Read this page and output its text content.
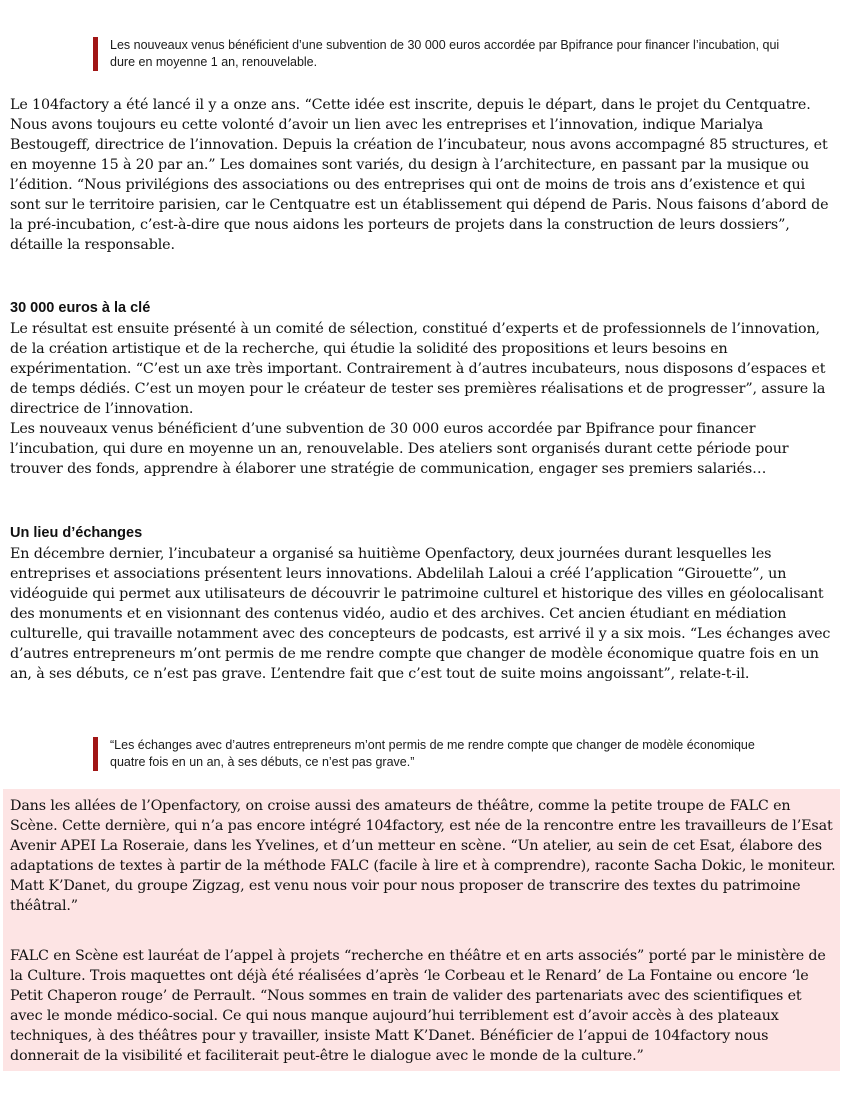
Les nouveaux venus bénéficient d’une subvention de 30 000 euros accordée par Bpifrance pour financer l’incubation, qui dure en moyenne 1 an, renouvelable.

Le 104factory a été lancé il y a onze ans. “Cette idée est inscrite, depuis le départ, dans le projet du Centquatre. Nous avons toujours eu cette volonté d’avoir un lien avec les entreprises et l’innovation, indique Marialya Bestougeff, directrice de l’innovation. Depuis la création de l’incubateur, nous avons accompagné 85 structures, et en moyenne 15 à 20 par an.” Les domaines sont variés, du design à l’architecture, en passant par la musique ou l’édition. “Nous privilégions des associations ou des entreprises qui ont de moins de trois ans d’existence et qui sont sur le territoire parisien, car le Centquatre est un établissement qui dépend de Paris. Nous faisons d’abord de la pré-incubation, c’est-à-dire que nous aidons les porteurs de projets dans la construction de leurs dossiers”, détaille la responsable.

30 000 euros à la clé

Le résultat est ensuite présenté à un comité de sélection, constitué d’experts et de professionnels de l’innovation, de la création artistique et de la recherche, qui étudie la solidité des propositions et leurs besoins en expérimentation. “C’est un axe très important. Contrairement à d’autres incubateurs, nous disposons d’espaces et de temps dédiés. C’est un moyen pour le créateur de tester ses premières réalisations et de progresser”, assure la directrice de l’innovation.

Les nouveaux venus bénéficient d’une subvention de 30 000 euros accordée par Bpifrance pour financer l’incubation, qui dure en moyenne un an, renouvelable. Des ateliers sont organisés durant cette période pour trouver des fonds, apprendre à élaborer une stratégie de communication, engager ses premiers salariés…

Un lieu d’échanges

En décembre dernier, l’incubateur a organisé sa huitième Openfactory, deux journées durant lesquelles les entreprises et associations présentent leurs innovations. Abdelilah Laloui a créé l’application “Girouette”, un vidéoguide qui permet aux utilisateurs de découvrir le patrimoine culturel et historique des villes en géolocalisant des monuments et en visionnant des contenus vidéo, audio et des archives. Cet ancien étudiant en médiation culturelle, qui travaille notamment avec des concepteurs de podcasts, est arrivé il y a six mois. “Les échanges avec d’autres entrepreneurs m’ont permis de me rendre compte que changer de modèle économique quatre fois en un an, à ses débuts, ce n’est pas grave. L’entendre fait que c’est tout de suite moins angoissant”, relate-t-il.

“Les échanges avec d’autres entrepreneurs m’ont permis de me rendre compte que changer de modèle économique quatre fois en un an, à ses débuts, ce n’est pas grave.”

Dans les allées de l’Openfactory, on croise aussi des amateurs de théâtre, comme la petite troupe de FALC en Scène. Cette dernière, qui n’a pas encore intégré 104factory, est née de la rencontre entre les travailleurs de l’Esat Avenir APEI La Roseraie, dans les Yvelines, et d’un metteur en scène. “Un atelier, au sein de cet Esat, élabore des adaptations de textes à partir de la méthode FALC (facile à lire et à comprendre), raconte Sacha Dokic, le moniteur. Matt K’Danet, du groupe Zigzag, est venu nous voir pour nous proposer de transcrire des textes du patrimoine théâtral.”

FALC en Scène est lauréat de l’appel à projets “recherche en théâtre et en arts associés” porté par le ministère de la Culture. Trois maquettes ont déjà été réalisées d’après ‘le Corbeau et le Renard’ de La Fontaine ou encore ‘le Petit Chaperon rouge’ de Perrault. “Nous sommes en train de valider des partenariats avec des scientifiques et avec le monde médico-social. Ce qui nous manque aujourd’hui terriblement est d’avoir accès à des plateaux techniques, à des théâtres pour y travailler, insiste Matt K’Danet. Bénéficier de l’appui de 104factory nous donnerait de la visibilité et faciliterait peut-être le dialogue avec le monde de la culture.”
